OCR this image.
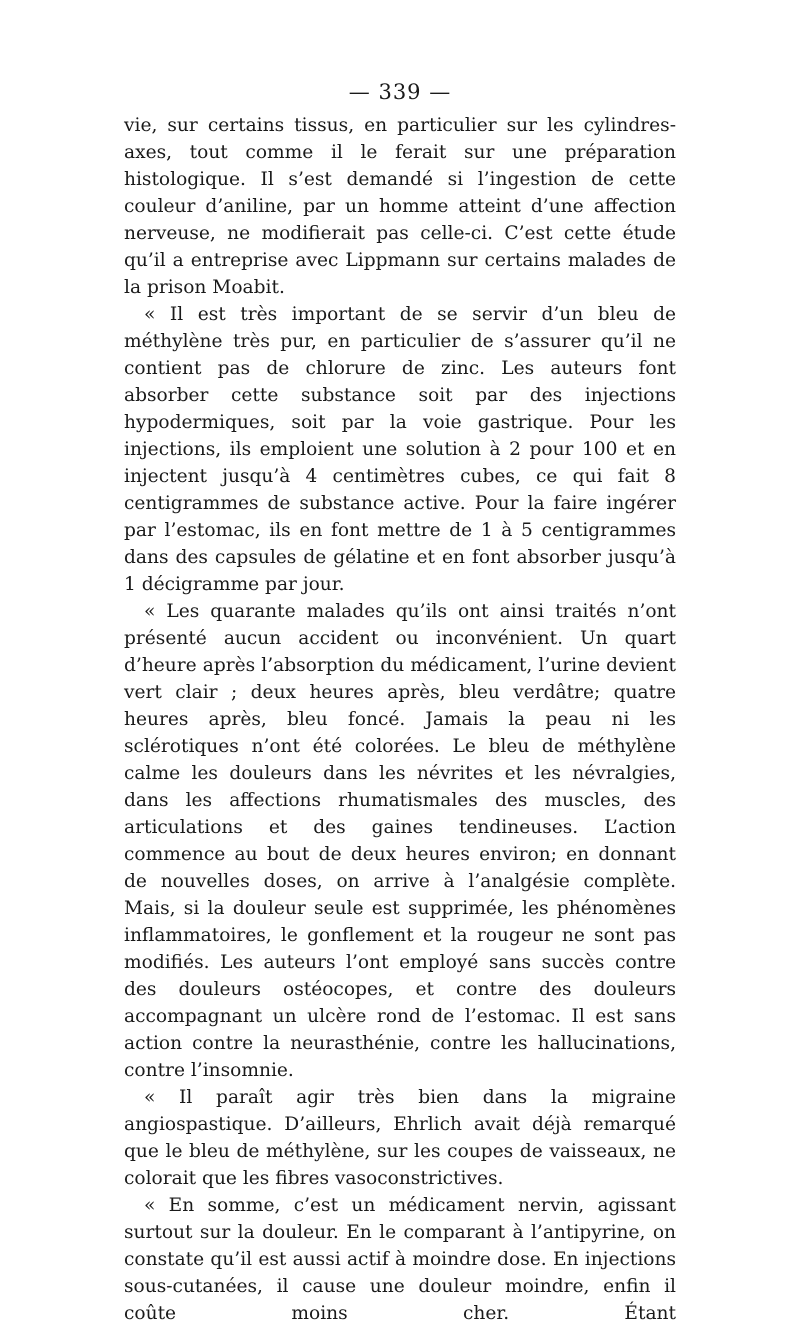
— 339 —

vie, sur certains tissus, en particulier sur les cylindres-axes, tout comme il le ferait sur une préparation histologique. Il s’est demandé si l’ingestion de cette couleur d’aniline, par un homme atteint d’une affection nerveuse, ne modifierait pas celle-ci. C’est cette étude qu’il a entreprise avec Lippmann sur certains malades de la prison Moabit.

« Il est très important de se servir d’un bleu de méthylène très pur, en particulier de s’assurer qu’il ne contient pas de chlorure de zinc. Les auteurs font absorber cette substance soit par des injections hypodermiques, soit par la voie gastrique. Pour les injections, ils emploient une solution à 2 pour 100 et en injectent jusqu’à 4 centimètres cubes, ce qui fait 8 centigrammes de substance active. Pour la faire ingérer par l’estomac, ils en font mettre de 1 à 5 centigrammes dans des capsules de gélatine et en font absorber jusqu’à 1 décigramme par jour.

« Les quarante malades qu’ils ont ainsi traités n’ont présenté aucun accident ou inconvénient. Un quart d’heure après l’absorption du médicament, l’urine devient vert clair ; deux heures après, bleu verdâtre; quatre heures après, bleu foncé. Jamais la peau ni les sclérotiques n’ont été colorées. Le bleu de méthylène calme les douleurs dans les névrites et les névralgies, dans les affections rhumatismales des muscles, des articulations et des gaines tendineuses. L’action commence au bout de deux heures environ; en donnant de nouvelles doses, on arrive à l’analgésie complète. Mais, si la douleur seule est supprimée, les phénomènes inflammatoires, le gonflement et la rougeur ne sont pas modifiés. Les auteurs l’ont employé sans succès contre des douleurs ostéocopes, et contre des douleurs accompagnant un ulcère rond de l’estomac. Il est sans action contre la neurasthénie, contre les hallucinations, contre l’insomnie.

« Il paraît agir très bien dans la migraine angiospastique. D’ailleurs, Ehrlich avait déjà remarqué que le bleu de méthylène, sur les coupes de vaisseaux, ne colorait que les fibres vasoconstrictives.

« En somme, c’est un médicament nervin, agissant surtout sur la douleur. En le comparant à l’antipyrine, on constate qu’il est aussi actif à moindre dose. En injections sous-cutanées, il cause une douleur moindre, enfin il coûte moins cher. Étant
